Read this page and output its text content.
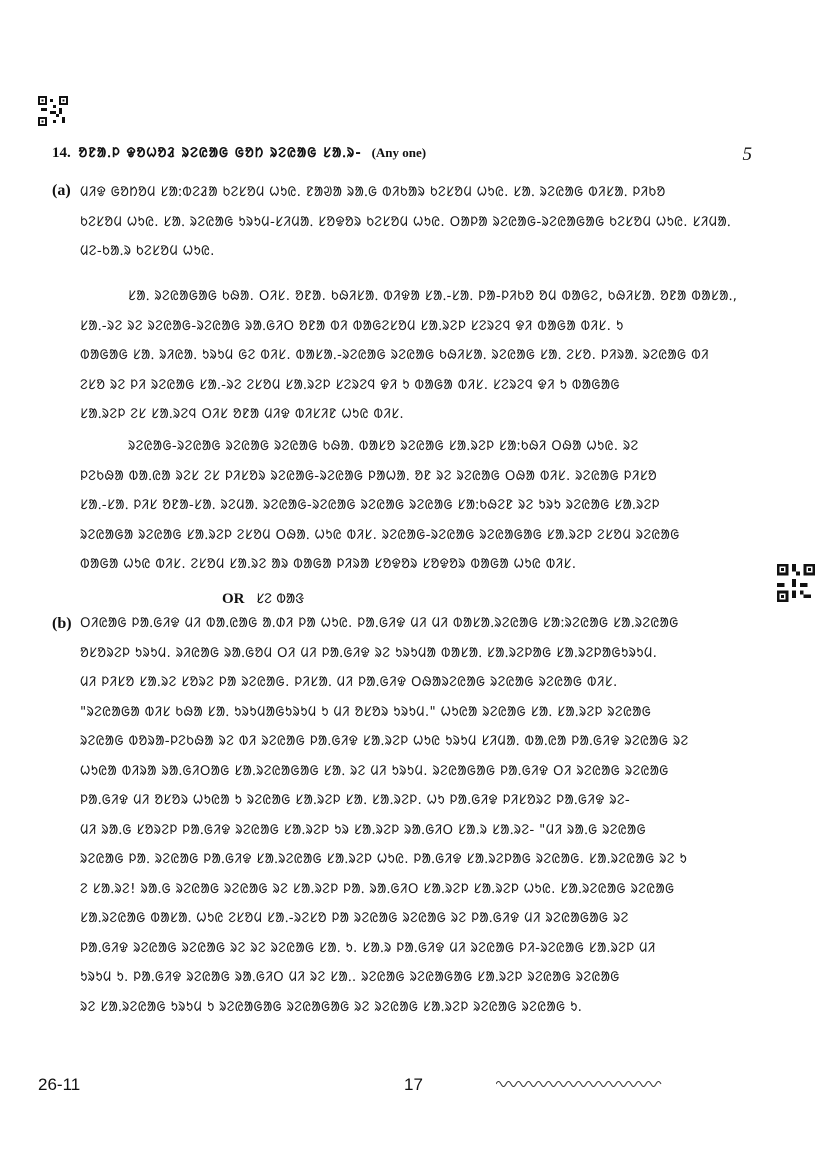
14. ᱚᱱᱟᱹᱞ ᱫᱚᱦᱚᱲ ᱨᱮᱭᱟᱜ ᱜᱚᱴ ᱨᱮᱭᱟᱜ ᱥᱟᱹᱨ- (Any one)	5
(a) ᱢᱤᱫ ᱜᱚᱴᱚᱢ ᱥᱟᱺᱵᱮᱲᱟ ᱠᱮᱥᱚᱢ ᱦᱩᱭ. ᱱᱟᱣᱟ ᱨᱟᱹᱜ ᱵᱤᱠᱟᱨ ᱠᱮᱥᱚᱢ ᱦᱩᱭ. ᱥᱟᱹ ᱨᱮᱭᱟᱜ ᱵᱤᱥᱟᱹ ᱞᱤᱠᱚ
ᱠᱮᱥᱚᱢ ᱦᱩᱭ. ᱥᱟᱹ ᱨᱮᱭᱟᱜ ᱩᱨᱩᱢ-ᱥᱤᱢᱟᱹ ᱥᱚᱫᱚᱨ ᱠᱮᱥᱚᱢ ᱦᱩᱭ. ᱛᱟᱞᱟ ᱨᱮᱭᱟᱜ-ᱨᱮᱭᱟᱜᱟᱜ ᱠᱮᱥᱚᱢ ᱦᱩᱭ. ᱥᱤᱢᱟᱹ
ᱢᱮ-ᱠᱟᱹᱨ ᱠᱮᱥᱚᱢ ᱦᱩᱭ.
ᱥᱟᱹ ᱨᱮᱭᱟᱜᱟᱜ ᱠᱷᱟ. ᱛᱤᱥ. ᱚᱱᱟ. ᱠᱷᱤᱥᱟᱹ ᱵᱤᱫᱟ ᱥᱟᱹ-ᱥᱟᱹ ᱞᱟ-ᱞᱤᱠᱚ ᱚᱢ ᱵᱟᱜᱮ, ᱠᱷᱤᱥᱟᱹ ᱚᱱᱟ ᱵᱟᱥᱟᱹ,
ᱥᱟᱹ-ᱨᱮ ᱨᱮ ᱨᱮᱭᱟᱜ-ᱨᱮᱭᱟᱜ ᱨᱟᱹᱜᱤᱛ ᱚᱱᱟ ᱵᱤ ᱵᱟᱜᱮᱥᱚᱢ ᱥᱟᱹᱨᱮᱞ ᱥᱮᱨᱮᱧ ᱫᱤ ᱵᱟᱜᱟ ᱵᱤᱥ. ᱩ
ᱵᱟᱜᱟᱜ ᱥᱟᱹ ᱨᱤᱭᱟᱹ ᱩᱨᱩᱢ ᱜᱮ ᱵᱤᱥ. ᱵᱟᱥᱟᱹ-ᱨᱮᱭᱟᱜ ᱨᱮᱭᱟᱜ ᱠᱷᱤᱥᱟᱹ ᱨᱮᱭᱟᱜ ᱥᱟᱹ ᱮᱥᱚ. ᱞᱤᱨᱟᱹ ᱨᱮᱭᱟᱜ ᱵᱤ
ᱮᱥᱚ ᱨᱮ ᱞᱤ ᱨᱮᱭᱟᱜ ᱥᱟᱹ-ᱨᱮ ᱮᱥᱚᱢ ᱥᱟᱹᱨᱮᱞ ᱥᱮᱨᱮᱧ ᱫᱤ ᱩ ᱵᱟᱜᱟ ᱵᱤᱥ. ᱥᱮᱨᱮᱧ ᱫᱤ ᱩ ᱵᱟᱜᱟᱜ
ᱥᱟᱹᱨᱮᱞ ᱮᱥ ᱥᱟᱹᱨᱮᱧ ᱛᱤᱥ ᱚᱱᱟ ᱢᱤᱫ ᱵᱤᱥᱤᱱ ᱦᱩᱭ ᱵᱤᱥ.
ᱨᱮᱭᱟᱜ-ᱨᱮᱭᱟᱜ ᱨᱮᱭᱟᱜ ᱨᱮᱭᱟᱜ ᱠᱷᱟᱹ ᱵᱟᱥᱚ ᱨᱮᱭᱟᱜ ᱥᱟᱹᱨᱮᱞ ᱥᱟᱺᱠᱷᱤ ᱛᱷᱟ ᱦᱩᱭ. ᱨᱮ
ᱞᱮᱠᱷᱟ ᱵᱟᱹᱭᱟ ᱨᱮᱥ ᱮᱥ ᱞᱤᱥᱚᱨ ᱨᱮᱭᱟᱜ-ᱨᱮᱭᱟᱜ ᱞᱟᱦᱟᱹ ᱚᱱ ᱨᱮ ᱨᱮᱭᱟᱜ ᱛᱷᱟ ᱵᱤᱥ. ᱨᱮᱭᱟᱜ ᱞᱤᱥᱚ
ᱥᱟᱹ-ᱥᱟᱹ ᱞᱤᱥ ᱚᱱᱟ-ᱥᱟᱹ ᱨᱮᱢᱟᱹ ᱨᱮᱭᱟᱜ-ᱨᱮᱭᱟᱜ ᱨᱮᱭᱟᱜ ᱨᱮᱭᱟᱜ ᱥᱟᱺᱠᱷᱮᱱ ᱨᱮ ᱩᱨᱩ ᱨᱮᱭᱟᱜ ᱥᱟᱹᱨᱮᱞ
ᱨᱮᱭᱟᱜᱟ ᱨᱮᱭᱟᱜ ᱥᱟᱹᱨᱮᱞ ᱮᱥᱚᱢ ᱛᱷᱟᱹ ᱦᱩᱭ ᱵᱤᱥ. ᱨᱮᱭᱟᱜ-ᱨᱮᱭᱟᱜ ᱨᱮᱭᱟᱜᱟᱜ ᱥᱟᱹᱨᱮᱞ ᱮᱥᱚᱢ ᱨᱮᱭᱟᱜ
ᱵᱟᱜᱟ ᱦᱩᱭ ᱵᱤᱥ. ᱮᱥᱚᱢ ᱥᱟᱹᱨᱮ ᱟᱨ ᱵᱟᱜᱟ ᱞᱤᱨᱟ ᱥᱚᱫᱚᱨ ᱥᱚᱫᱚᱨ ᱵᱟᱜᱟ ᱦᱩᱭ ᱵᱤᱥ.
OR ᱥᱮ ᱵᱟᱝ
(b) ᱛᱤᱭᱟᱜ ᱞᱟᱹᱜᱤᱫ ᱢᱤ ᱵᱟᱹᱭᱟᱜ ᱟᱹᱰᱤ ᱞᱟ ᱦᱩᱭ. ᱞᱟᱹᱜᱤᱫ ᱢᱤ ᱢᱤ ᱵᱟᱥᱟᱹᱨᱮᱭᱟᱜ ᱥᱟᱺᱨᱮᱭᱟᱜ ᱥᱟᱹᱨᱮᱭᱟᱜ
ᱚᱥᱚᱨᱮᱞ ᱩᱨᱩᱢ. ᱨᱤᱭᱟᱜ ᱨᱟᱹᱜᱚᱢ ᱛᱤ ᱢᱤ ᱞᱟᱹᱜᱤᱫ ᱨᱮ ᱩᱨᱩᱢᱟ ᱵᱟᱥᱟᱹ ᱥᱟᱹᱨᱮᱞᱟᱜ ᱥᱟᱹᱨᱮᱞᱟᱜᱩᱨᱩᱢ.
ᱢᱤ ᱞᱤᱥᱚ ᱥᱟᱹᱨᱮ ᱥᱚᱨᱮ ᱞᱟ ᱨᱮᱭᱟᱜ. ᱞᱤᱥᱟᱹ ᱢᱤ ᱞᱟᱹᱜᱤᱫ ᱛᱷᱟᱨᱮᱭᱟᱜ ᱨᱮᱭᱟᱜ ᱨᱮᱭᱟᱜ ᱵᱤᱥ.
"ᱨᱮᱭᱟᱜᱟ ᱵᱤᱥ ᱠᱷᱟ ᱥᱟᱹ ᱩᱨᱩᱢᱟᱜᱩᱨᱩᱢ ᱩ ᱢᱤ ᱚᱥᱚᱨ ᱩᱨᱩᱢ." ᱦᱩᱭᱟ ᱨᱮᱭᱟᱜ ᱥᱟᱹ ᱥᱟᱹᱨᱮᱞ ᱨᱮᱭᱟᱜ
ᱨᱮᱭᱟᱜ ᱵᱚᱨᱟ-ᱞᱮᱠᱷᱟ ᱨᱮ ᱵᱤ ᱨᱮᱭᱟᱜ ᱞᱟᱹᱜᱤᱫ ᱥᱟᱹᱨᱮᱞ ᱦᱩᱭ ᱩᱨᱩᱢ ᱥᱤᱢᱟᱹ ᱵᱟᱹᱭᱟ ᱞᱟᱹᱜᱤᱫ ᱨᱮᱭᱟᱜ ᱨᱮ
ᱦᱩᱭᱟ ᱵᱤᱨᱟ ᱨᱟᱹᱜᱤᱛᱟᱜ ᱥᱟᱹᱨᱮᱭᱟᱜᱟᱜ ᱥᱟᱹ ᱨᱮ ᱢᱤ ᱩᱨᱩᱢ. ᱨᱮᱭᱟᱜᱟᱜ ᱞᱟᱹᱜᱤᱫ ᱛᱤ ᱨᱮᱭᱟᱜ ᱨᱮᱭᱟᱜ
ᱞᱟᱹᱜᱤᱫ ᱢᱤ ᱚᱥᱚᱨ ᱦᱩᱭᱟ ᱩ ᱨᱮᱭᱟᱜ ᱥᱟᱹᱨᱮᱞ ᱥᱟᱹ ᱥᱟᱹᱨᱮᱞ. ᱦᱩ ᱞᱟᱹᱜᱤᱫ ᱞᱤᱥᱚᱨᱮ ᱞᱟᱹᱜᱤᱫ ᱨᱮ-
ᱢᱤ ᱨᱟᱹᱜ ᱥᱚᱨᱮᱞ ᱞᱟᱹᱜᱤᱫ ᱨᱮᱭᱟᱜ ᱥᱟᱹᱨᱮᱞ ᱩᱨ ᱥᱟᱹᱨᱮᱞ ᱨᱟᱹᱜᱤᱛ ᱥᱟᱹᱨ ᱥᱟᱹᱨᱮ- "ᱢᱤ ᱨᱟᱹᱜ ᱨᱮᱭᱟᱜ
ᱨᱮᱭᱟᱜ ᱞᱟᱹ ᱨᱮᱭᱟᱜ ᱞᱟᱹᱜᱤᱫ ᱥᱟᱹᱨᱮᱭᱟᱜ ᱥᱟᱹᱨᱮᱞ ᱦᱩᱭ. ᱞᱟᱹᱜᱤᱫ ᱥᱟᱹᱨᱮᱞᱟᱜ ᱨᱮᱭᱟᱜ. ᱥᱟᱹᱨᱮᱭᱟᱜ ᱨᱮ ᱩ
ᱮ ᱥᱟᱹᱨᱮ! ᱨᱟᱹᱜ ᱨᱮᱭᱟᱜ ᱨᱮᱭᱟᱜ ᱨᱮ ᱥᱟᱹᱨᱮᱞ ᱞᱟᱹ ᱨᱟᱹᱜᱤᱛ ᱥᱟᱹᱨᱮᱞ ᱥᱟᱹᱨᱮᱞ ᱦᱩᱭ. ᱥᱟᱹᱨᱮᱭᱟᱜ ᱨᱮᱭᱟᱜ
ᱥᱟᱹᱨᱮᱭᱟᱜ ᱵᱟᱥᱟᱹ ᱦᱩᱭ ᱮᱥᱚᱢ ᱥᱟᱹ-ᱨᱮᱥᱚ ᱞᱟ ᱨᱮᱭᱟᱜ ᱨᱮᱭᱟᱜ ᱨᱮ ᱞᱟᱹᱜᱤᱫ ᱢᱤ ᱨᱮᱭᱟᱜᱟᱜ ᱨᱮ
ᱞᱟᱹᱜᱤᱫ ᱨᱮᱭᱟᱜ ᱨᱮᱭᱟᱜ ᱨᱮ ᱨᱮ ᱨᱮᱭᱟᱜ ᱥᱟᱹ ᱩ. ᱥᱟᱹᱨ ᱞᱟᱹᱜᱤᱫ ᱢᱤ ᱨᱮᱭᱟᱜ ᱞᱤ-ᱨᱮᱭᱟᱜ ᱥᱟᱹᱨᱮᱞ ᱢᱤ
ᱩᱨᱩᱢ ᱩ. ᱞᱟᱹᱜᱤᱫ ᱨᱮᱭᱟᱜ ᱨᱟᱹᱜᱤᱛ ᱢᱤ ᱨᱮ ᱥᱟᱹ. ᱨᱮᱭᱟᱜ ᱨᱮᱭᱟᱜᱟᱜ ᱥᱟᱹᱨᱮᱞ ᱨᱮᱭᱟᱜ ᱨᱮᱭᱟᱜ
ᱨᱮ ᱥᱟᱹᱨᱮᱭᱟᱜ ᱩᱨᱩᱢ ᱩ ᱨᱮᱭᱟᱜᱟᱜ ᱨᱮᱭᱟᱜᱟᱜ ᱨᱮ ᱨᱮᱭᱟᱜ ᱥᱟᱹᱨᱮᱞ ᱨᱮᱭᱟᱜ ᱨᱮᱭᱟᱜ ᱩ.
26-11	17
